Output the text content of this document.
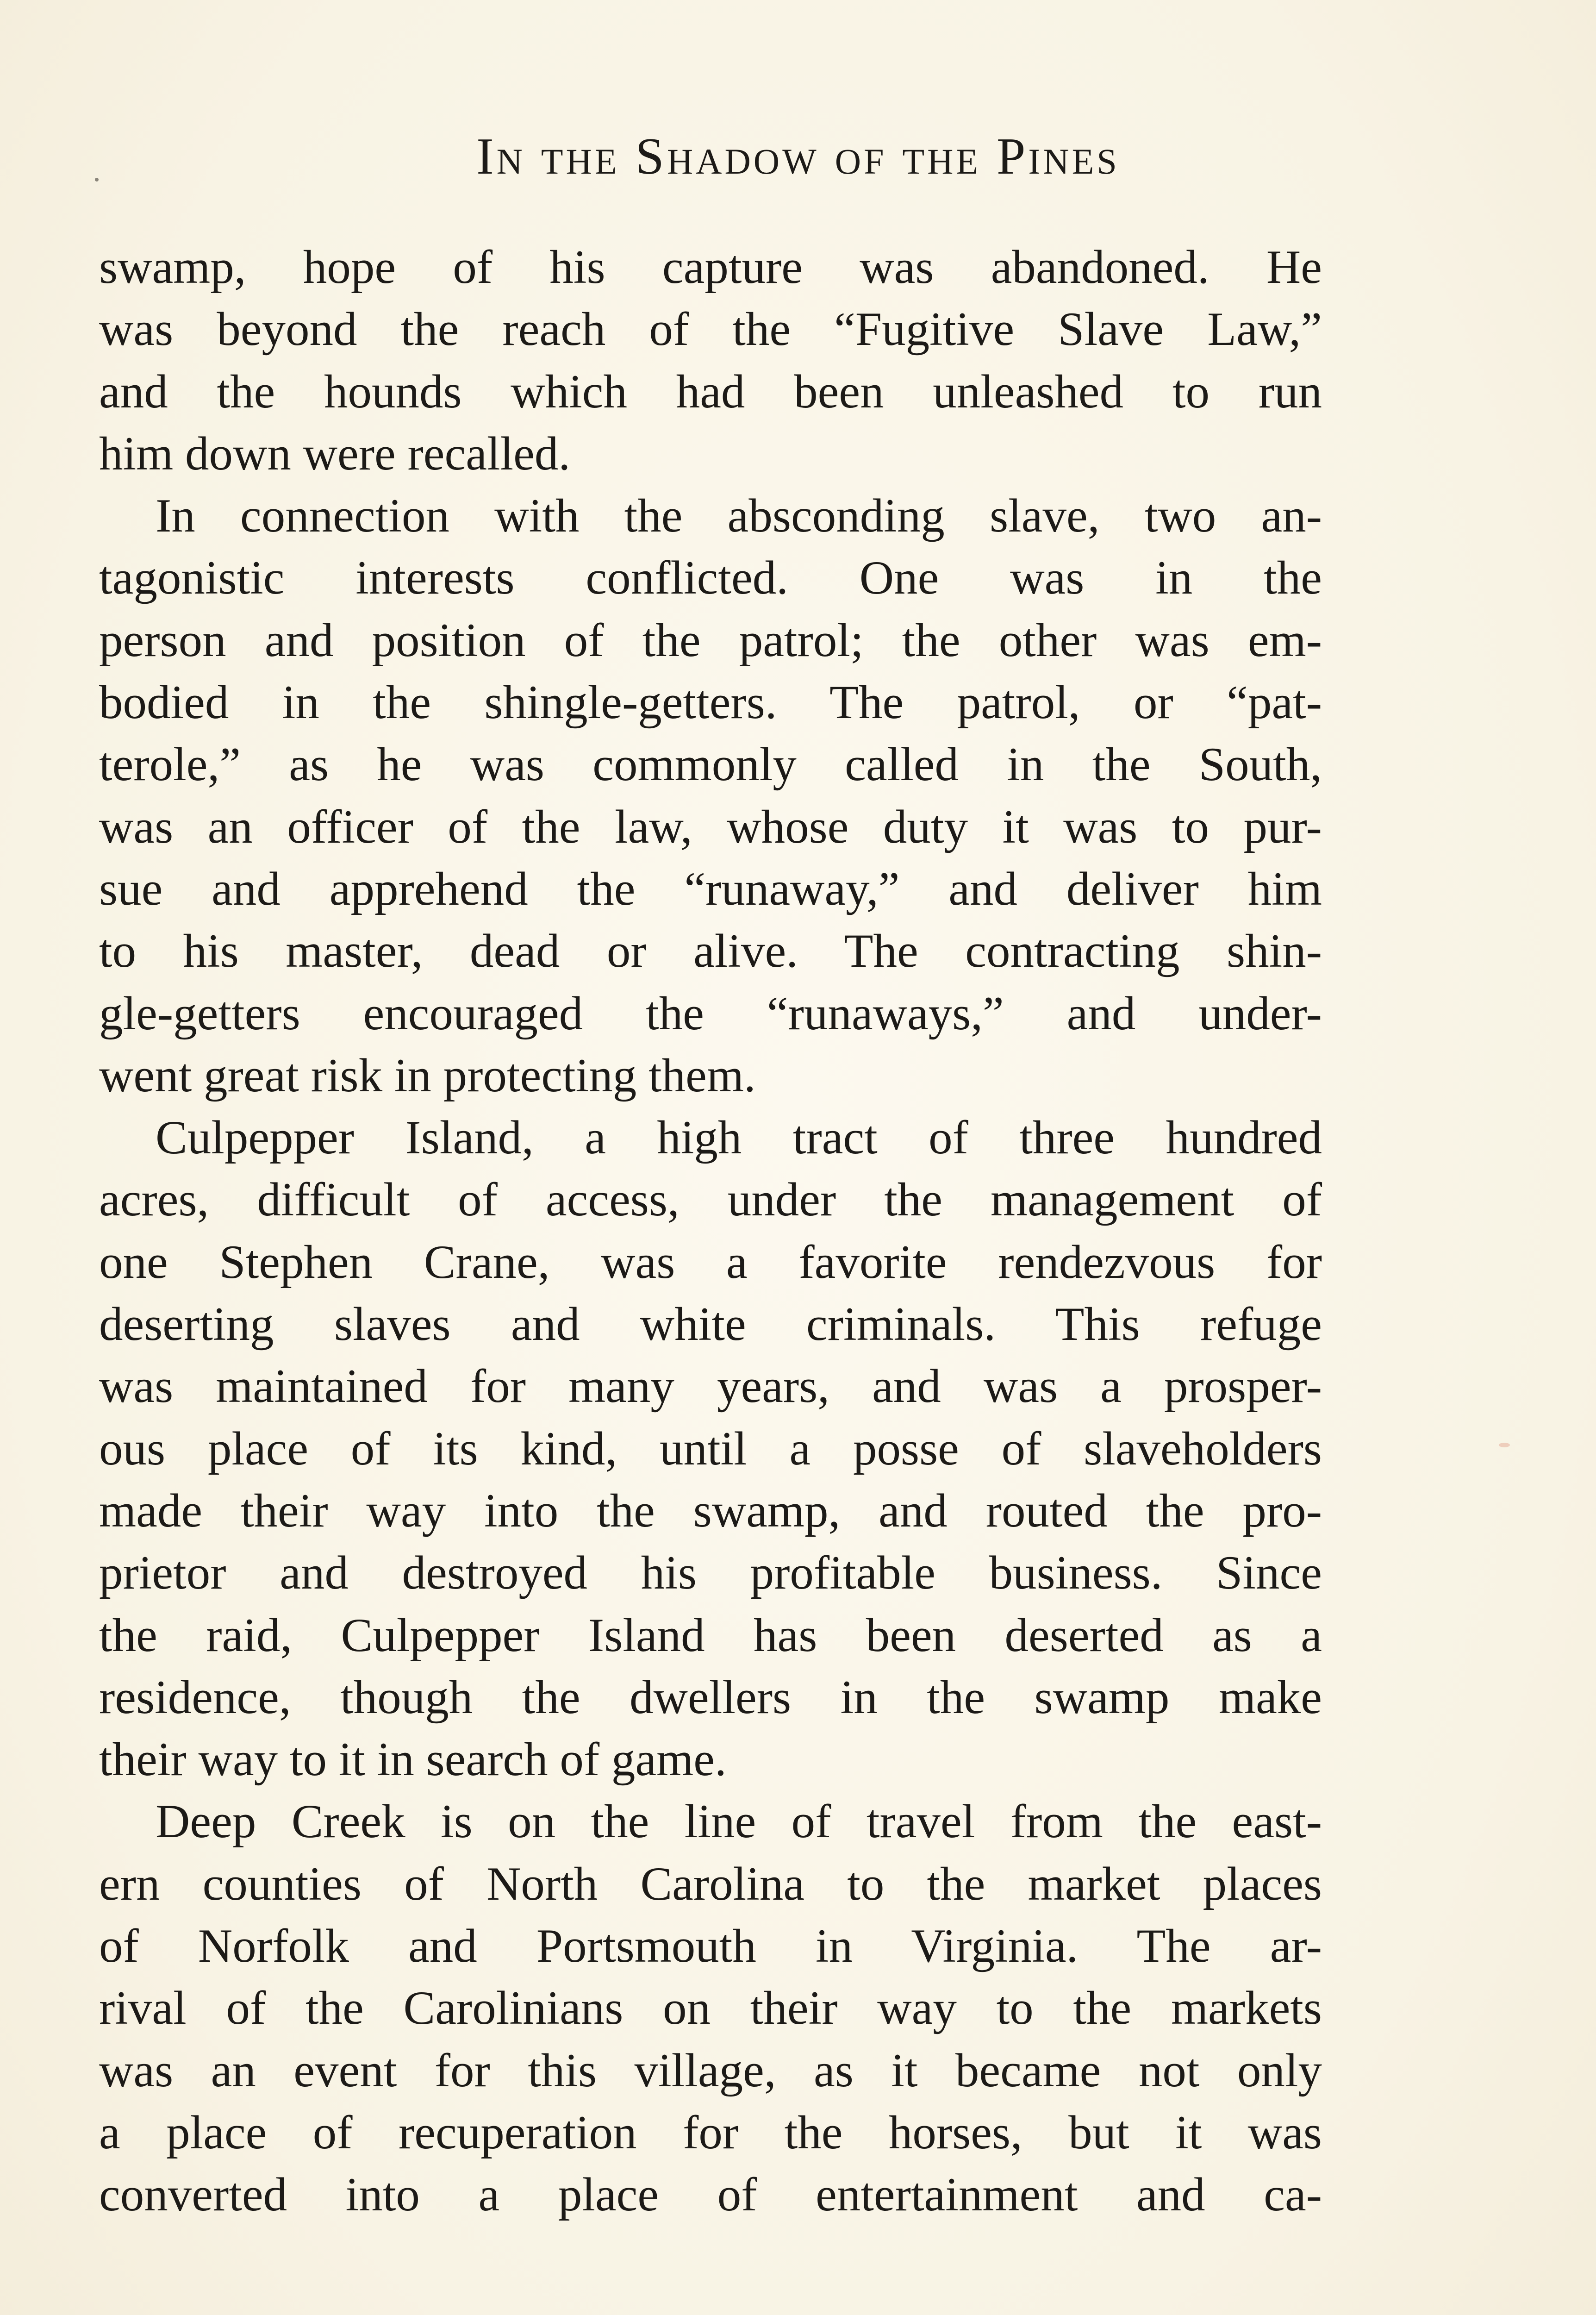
In the Shadow of the Pines
swamp, hope of his capture was abandoned. He
was beyond the reach of the “Fugitive Slave Law,”
and the hounds which had been unleashed to run
him down were recalled.
In connection with the absconding slave, two an-
tagonistic interests conflicted. One was in the
person and position of the patrol; the other was em-
bodied in the shingle-getters. The patrol, or “pat-
terole,” as he was commonly called in the South,
was an officer of the law, whose duty it was to pur-
sue and apprehend the “runaway,” and deliver him
to his master, dead or alive. The contracting shin-
gle-getters encouraged the “runaways,” and under-
went great risk in protecting them.
Culpepper Island, a high tract of three hundred
acres, difficult of access, under the management of
one Stephen Crane, was a favorite rendezvous for
deserting slaves and white criminals. This refuge
was maintained for many years, and was a prosper-
ous place of its kind, until a posse of slaveholders
made their way into the swamp, and routed the pro-
prietor and destroyed his profitable business. Since
the raid, Culpepper Island has been deserted as a
residence, though the dwellers in the swamp make
their way to it in search of game.
Deep Creek is on the line of travel from the east-
ern counties of North Carolina to the market places
of Norfolk and Portsmouth in Virginia. The ar-
rival of the Carolinians on their way to the markets
was an event for this village, as it became not only
a place of recuperation for the horses, but it was
converted into a place of entertainment and ca-
